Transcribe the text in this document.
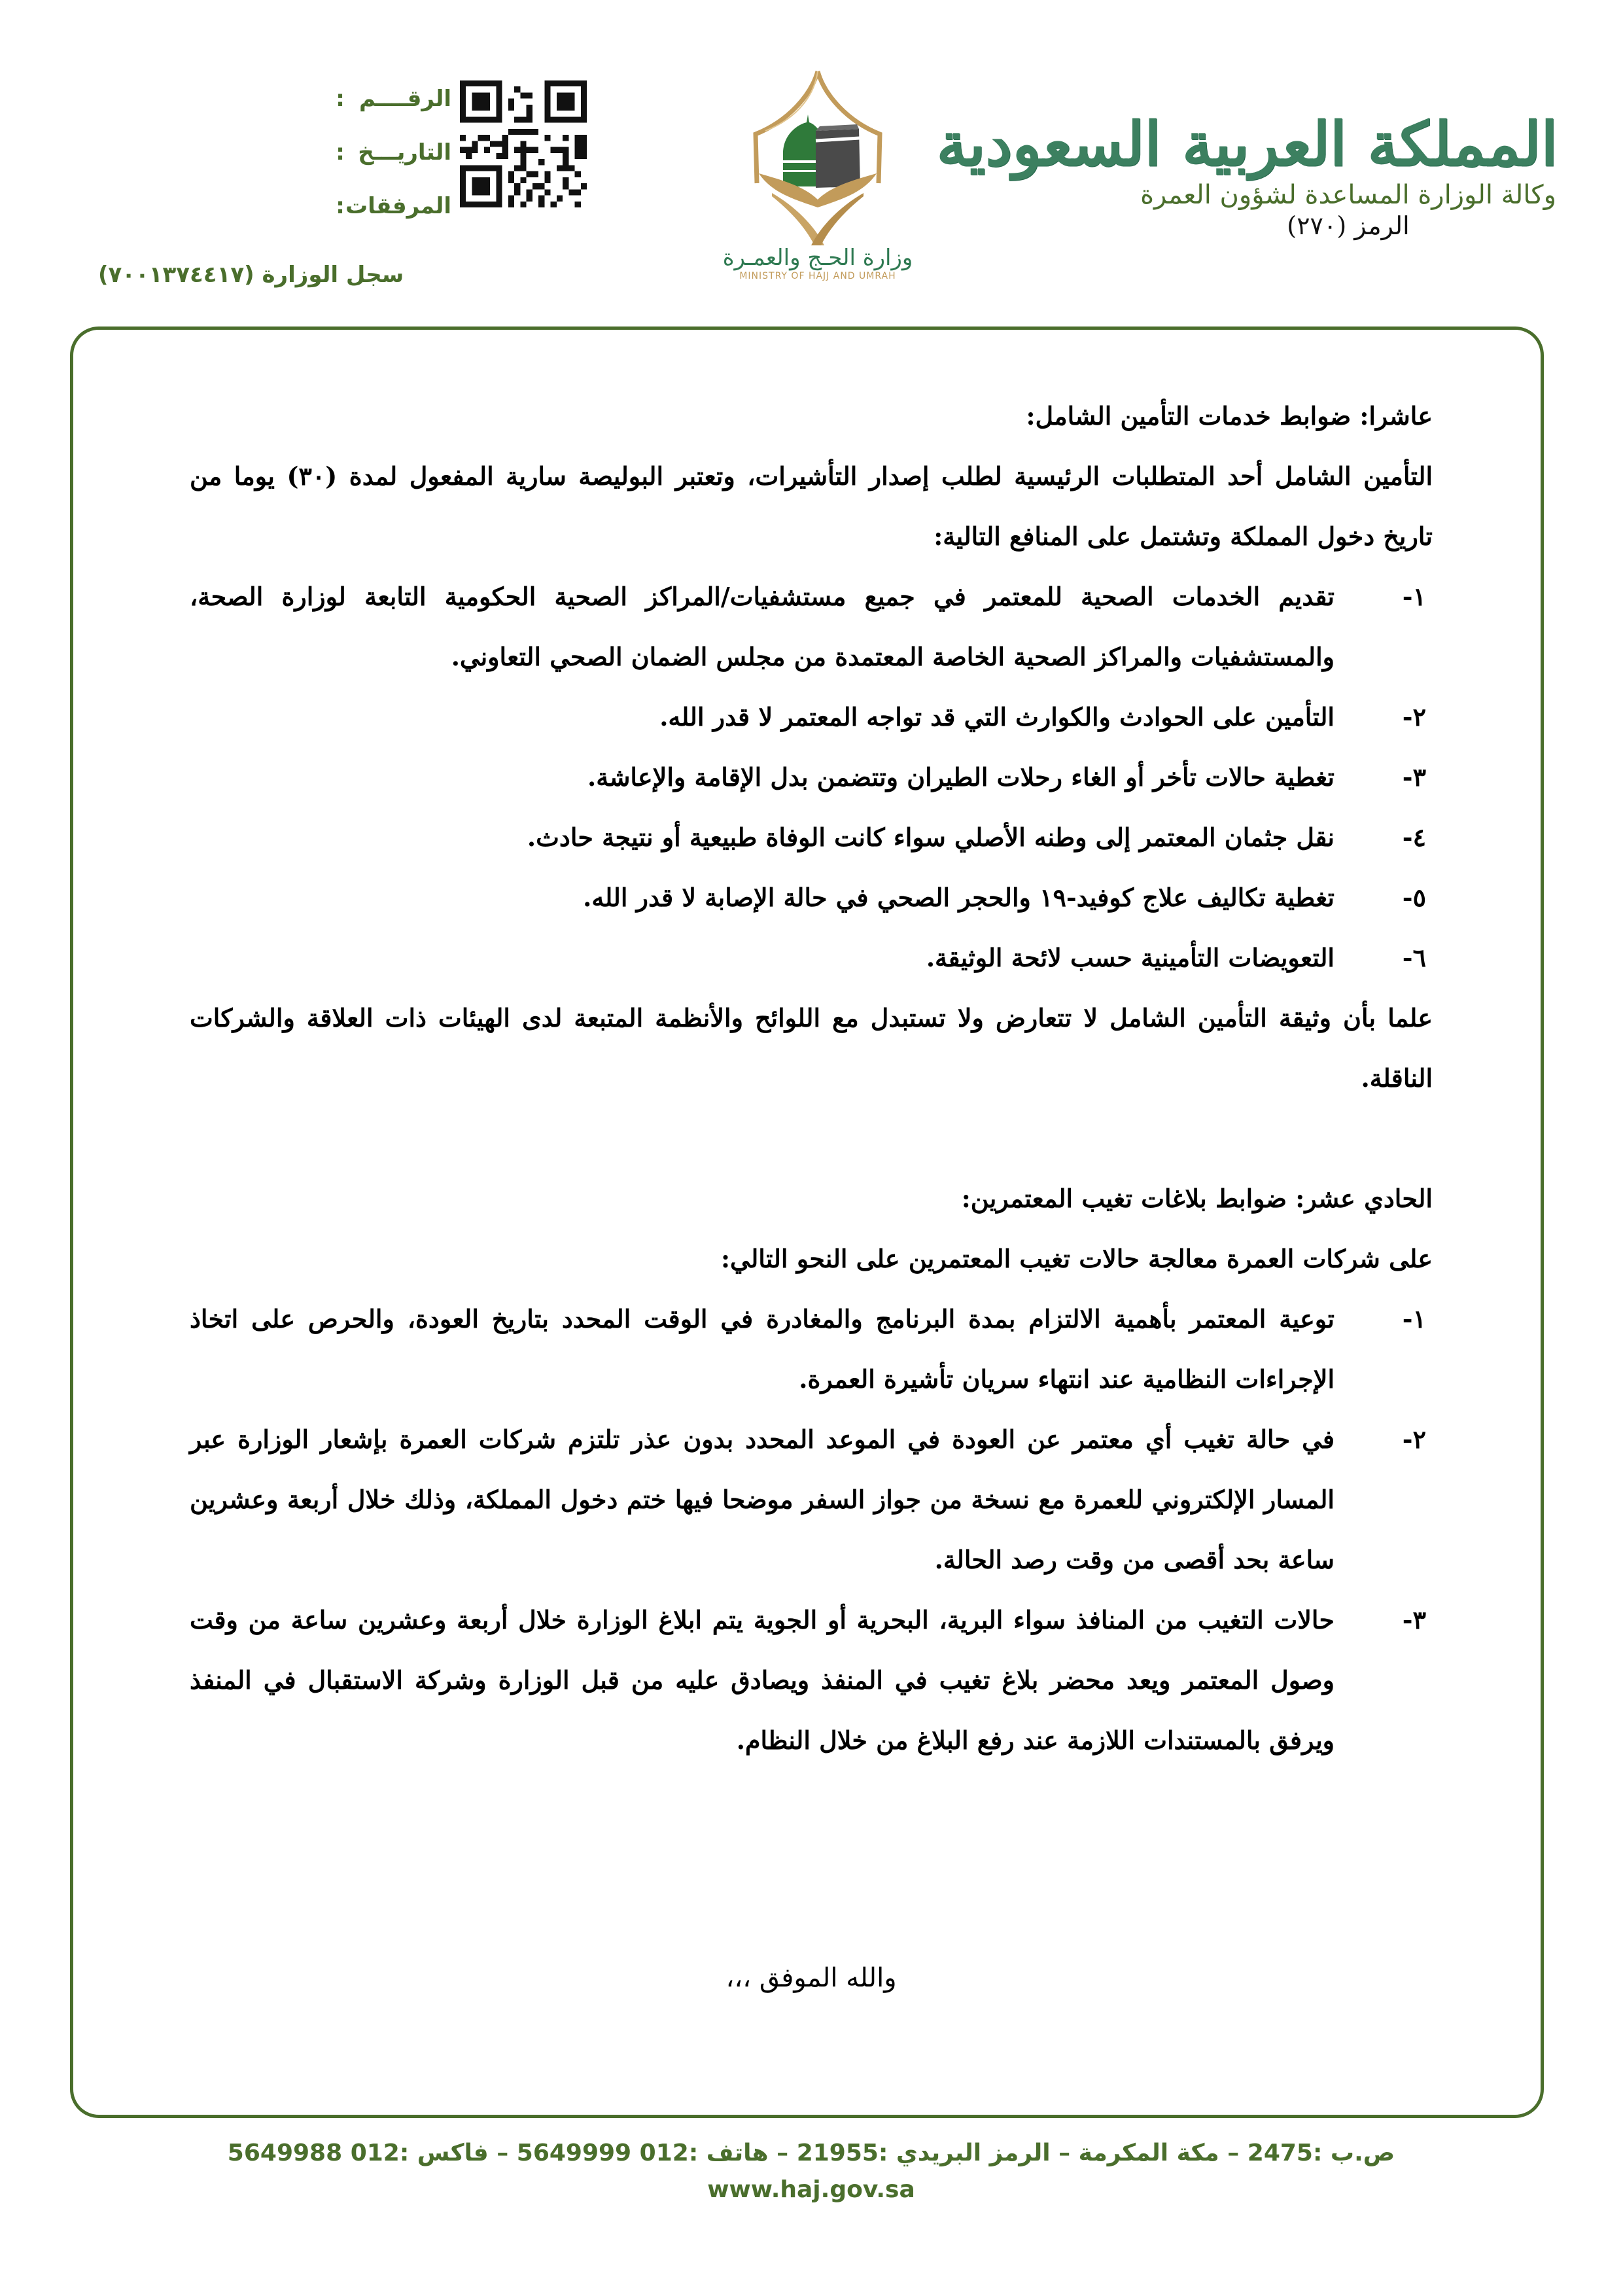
المملكة العربية السعودية
وكالة الوزارة المساعدة لشؤون العمرة
الرمز (٢٧٠)
وزارة الحـج والعمـرة
MINISTRY OF HAJJ AND UMRAH
الرقــــم
:
التاريـــخ
:
المرفقات
:
سجل الوزارة (٧٠٠١٣٧٤٤١٧)
عاشرا: ضوابط خدمات التأمين الشامل:
التأمين الشامل أحد المتطلبات الرئيسية لطلب إصدار التأشيرات، وتعتبر البوليصة سارية المفعول لمدة (٣٠) يوما من تاريخ دخول المملكة وتشتمل على المنافع التالية:
١-
تقديم الخدمات الصحية للمعتمر في جميع مستشفيات/المراكز الصحية الحكومية التابعة لوزارة الصحة، والمستشفيات والمراكز الصحية الخاصة المعتمدة من مجلس الضمان الصحي التعاوني.
٢-
التأمين على الحوادث والكوارث التي قد تواجه المعتمر لا قدر الله.
٣-
تغطية حالات تأخر أو الغاء رحلات الطيران وتتضمن بدل الإقامة والإعاشة.
٤-
نقل جثمان المعتمر إلى وطنه الأصلي سواء كانت الوفاة طبيعية أو نتيجة حادث.
٥-
تغطية تكاليف علاج كوفيد-١٩ والحجر الصحي في حالة الإصابة لا قدر الله.
٦-
التعويضات التأمينية حسب لائحة الوثيقة.
علما بأن وثيقة التأمين الشامل لا تتعارض ولا تستبدل مع اللوائح والأنظمة المتبعة لدى الهيئات ذات العلاقة والشركات الناقلة.
الحادي عشر: ضوابط بلاغات تغيب المعتمرين:
على شركات العمرة معالجة حالات تغيب المعتمرين على النحو التالي:
١-
توعية المعتمر بأهمية الالتزام بمدة البرنامج والمغادرة في الوقت المحدد بتاريخ العودة، والحرص على اتخاذ الإجراءات النظامية عند انتهاء سريان تأشيرة العمرة.
٢-
في حالة تغيب أي معتمر عن العودة في الموعد المحدد بدون عذر تلتزم شركات العمرة بإشعار الوزارة عبر المسار الإلكتروني للعمرة مع نسخة من جواز السفر موضحا فيها ختم دخول المملكة، وذلك خلال أربعة وعشرين ساعة بحد أقصى من وقت رصد الحالة.
٣-
حالات التغيب من المنافذ سواء البرية، البحرية أو الجوية يتم ابلاغ الوزارة خلال أربعة وعشرين ساعة من وقت وصول المعتمر ويعد محضر بلاغ تغيب في المنفذ ويصادق عليه من قبل الوزارة وشركة الاستقبال في المنفذ ويرفق بالمستندات اللازمة عند رفع البلاغ من خلال النظام.
والله الموفق ،،،
ص.ب :2475 – مكة المكرمة – الرمز البريدي :21955 – هاتف :012 5649999 – فاكس :012 5649988
www.haj.gov.sa
